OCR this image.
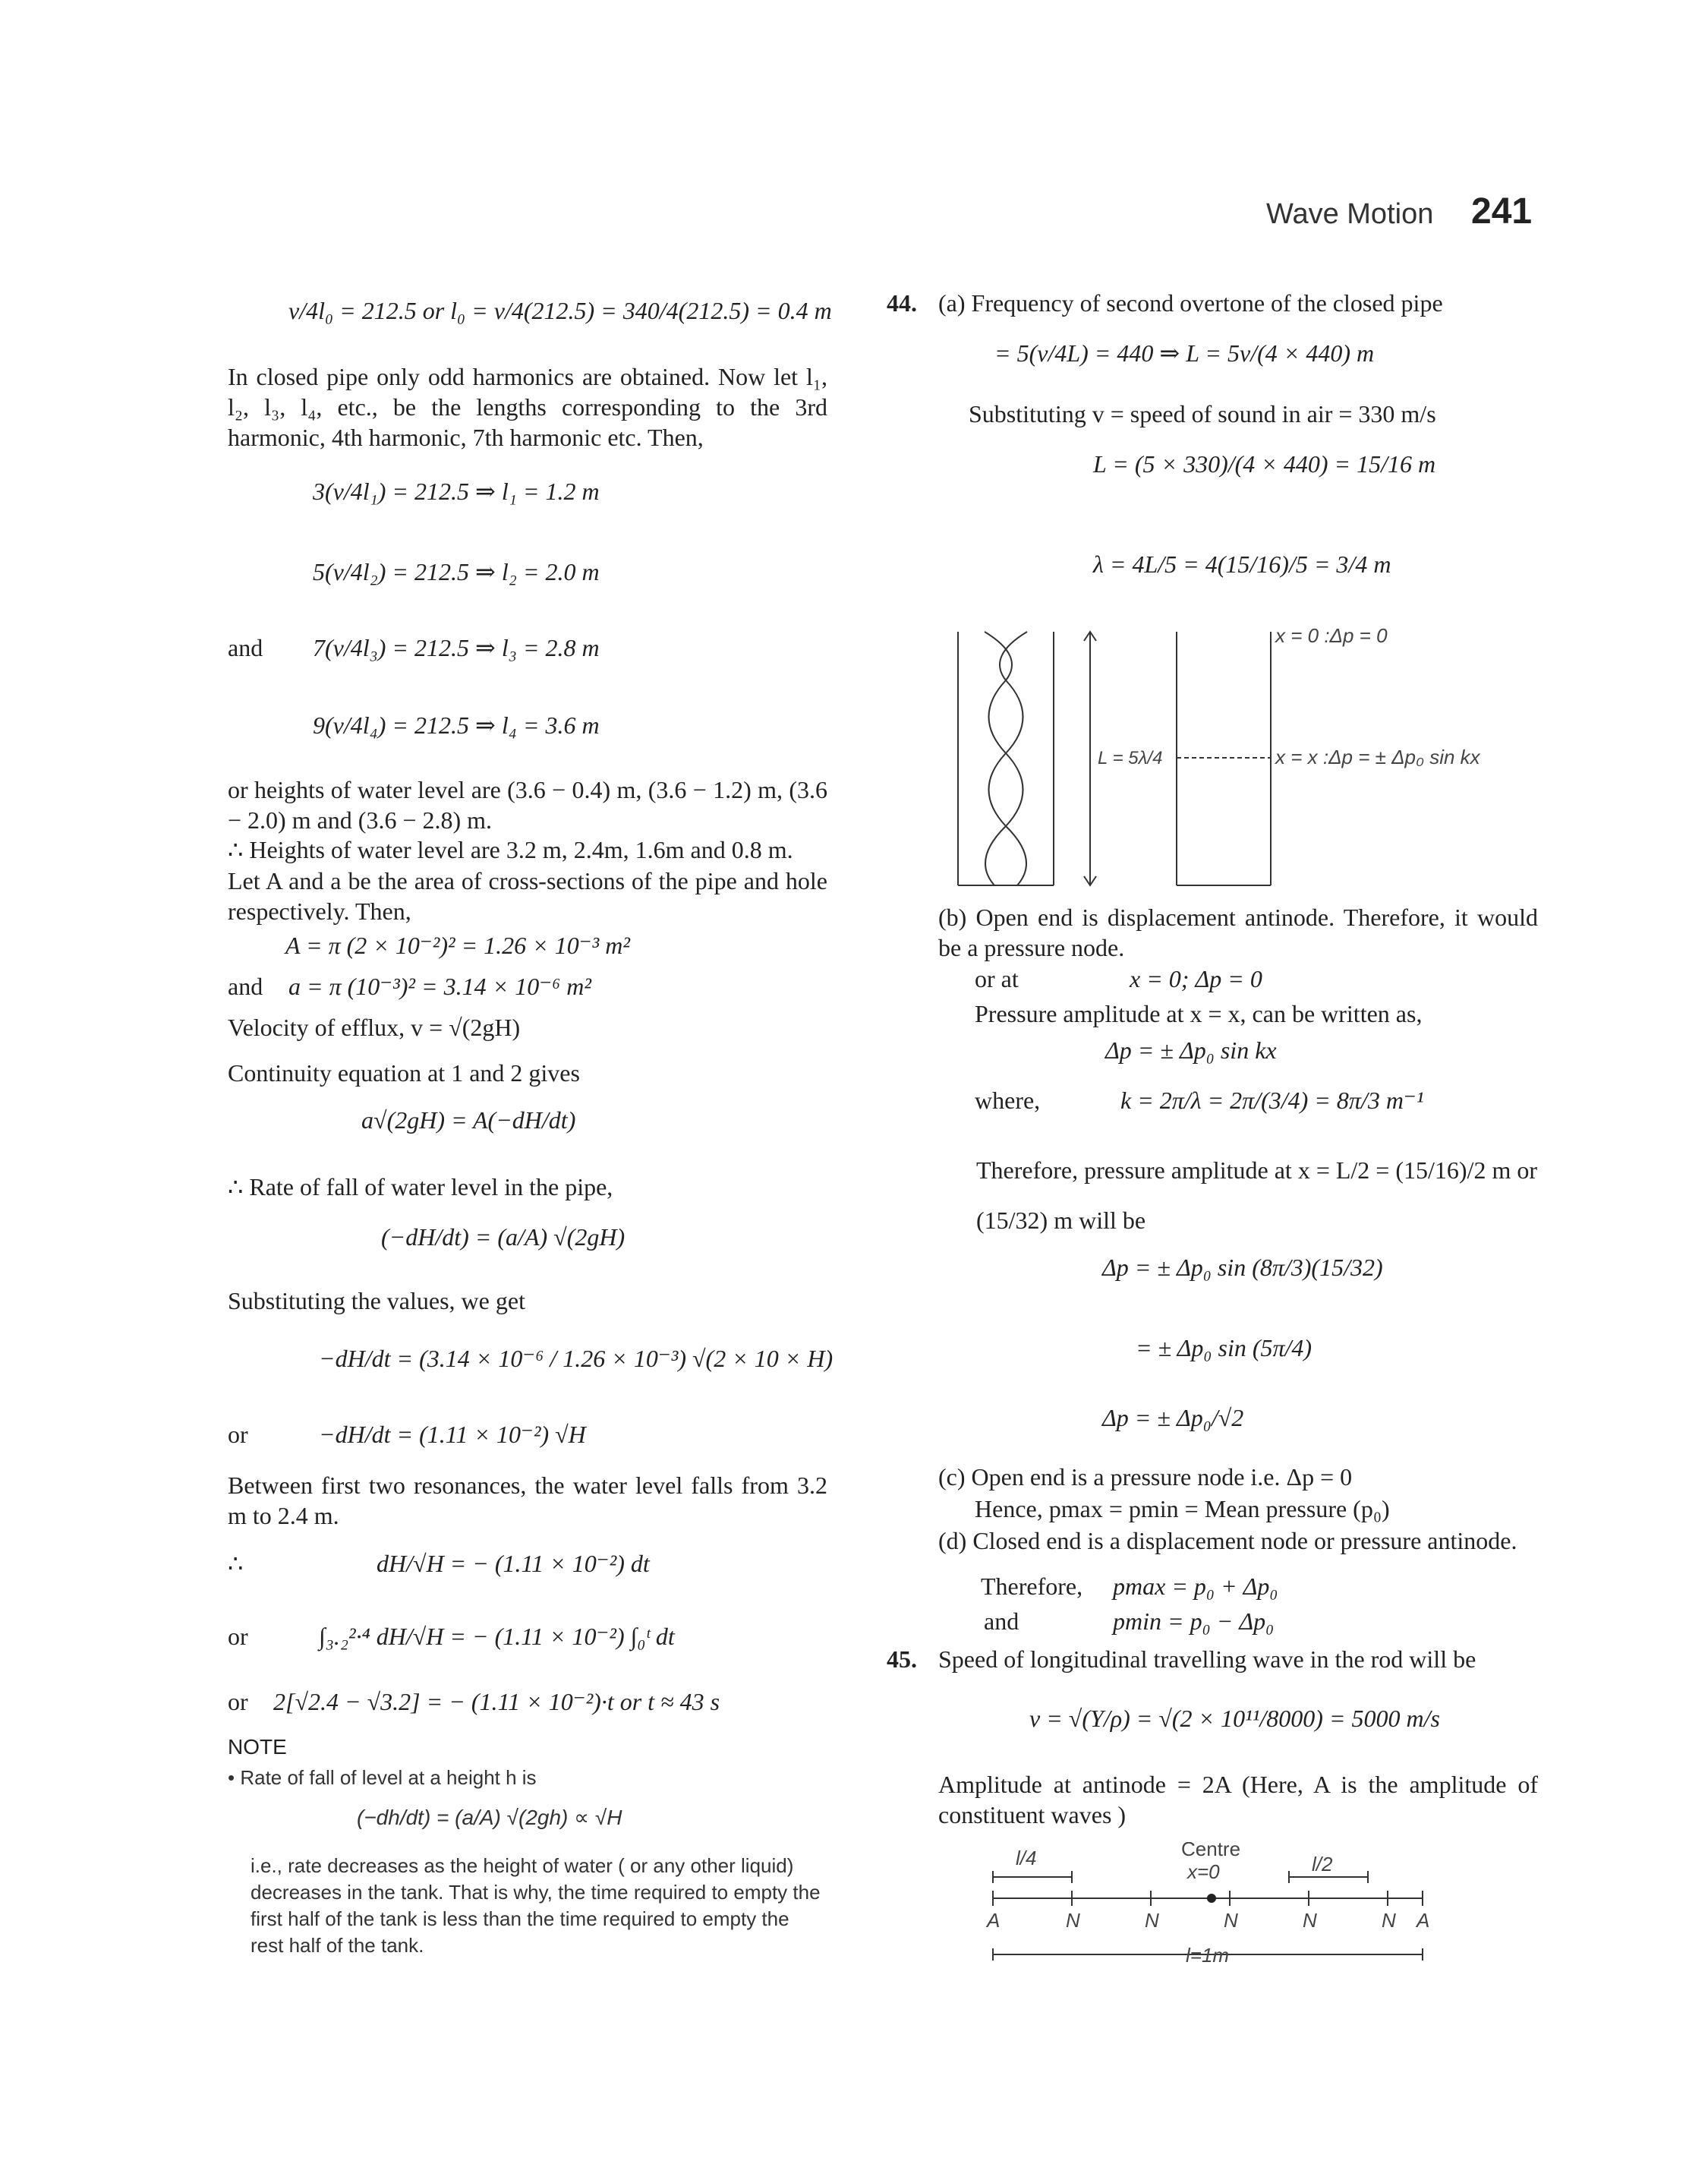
Wave Motion 241
v/4l₀ = 212.5 or l₀ = v/4(212.5) = 340/4(212.5) = 0.4 m
In closed pipe only odd harmonics are obtained. Now let l₁, l₂, l₃, l₄, etc., be the lengths corresponding to the 3rd harmonic, 4th harmonic, 7th harmonic etc. Then,
3(v/4l₁) = 212.5 ⇒ l₁ = 1.2 m
5(v/4l₂) = 212.5 ⇒ l₂ = 2.0 m
and 7(v/4l₃) = 212.5 ⇒ l₃ = 2.8 m
9(v/4l₄) = 212.5 ⇒ l₄ = 3.6 m
or heights of water level are (3.6 − 0.4) m, (3.6 − 1.2) m, (3.6 − 2.0) m and (3.6 − 2.8) m.
∴ Heights of water level are 3.2 m, 2.4m, 1.6m and 0.8 m.
Let A and a be the area of cross-sections of the pipe and hole respectively. Then,
A = π (2 × 10⁻²)² = 1.26 × 10⁻³ m²
and a = π (10⁻³)² = 3.14 × 10⁻⁶ m²
Velocity of efflux, v = √(2gH)
Continuity equation at 1 and 2 gives
a√(2gH) = A(−dH/dt)
∴ Rate of fall of water level in the pipe,
(−dH/dt) = (a/A) √(2gH)
Substituting the values, we get
−dH/dt = (3.14 × 10⁻⁶ / 1.26 × 10⁻³) √(2 × 10 × H)
or	−dH/dt = (1.11 × 10⁻²) √H
Between first two resonances, the water level falls from 3.2 m to 2.4 m.
∴	dH/√H = − (1.11 × 10⁻²) dt
or	∫₃.₂²·⁴ dH/√H = − (1.11 × 10⁻²) ∫₀ᵗ dt
or 2[√2.4 − √3.2] = − (1.11 × 10⁻²)·t or t ≈ 43 s
NOTE
• Rate of fall of level at a height h is
(−dh/dt) = (a/A) √(2gh) ∝ √H
i.e., rate decreases as the height of water ( or any other liquid) decreases in the tank. That is why, the time required to empty the first half of the tank is less than the time required to empty the rest half of the tank.
44. (a) Frequency of second overtone of the closed pipe
= 5(v/4L) = 440 ⇒ L = 5v/(4 × 440) m
Substituting v = speed of sound in air = 330 m/s
L = (5 × 330)/(4 × 440) = 15/16 m
λ = 4L/5 = 4(15/16)/5 = 3/4 m
x = 0 :Δp = 0
x = x :Δp = ± Δp₀ sin kx
L = 5λ/4
(b) Open end is displacement antinode. Therefore, it would be a pressure node.
or at	x = 0; Δp = 0
Pressure amplitude at x = x, can be written as,
Δp = ± Δp₀ sin kx
where,	k = 2π/λ = 2π/(3/4) = 8π/3 m⁻¹
Therefore, pressure amplitude at x = L/2 = (15/16)/2 m or
(15/32) m will be
Δp = ± Δp₀ sin (8π/3)(15/32)
= ± Δp₀ sin (5π/4)
Δp = ± Δp₀/√2
(c) Open end is a pressure node i.e. Δp = 0
Hence, pmax = pmin = Mean pressure (p₀)
(d) Closed end is a displacement node or pressure antinode.
Therefore, pmax = p₀ + Δp₀
and	pmin = p₀ − Δp₀
45. Speed of longitudinal travelling wave in the rod will be
v = √(Y/ρ) = √(2 × 10¹¹/8000) = 5000 m/s
Amplitude at antinode = 2A (Here, A is the amplitude of constituent waves )
l/4	Centre
x=0	l/2
A	N	N	N	N	N A
l=1m
